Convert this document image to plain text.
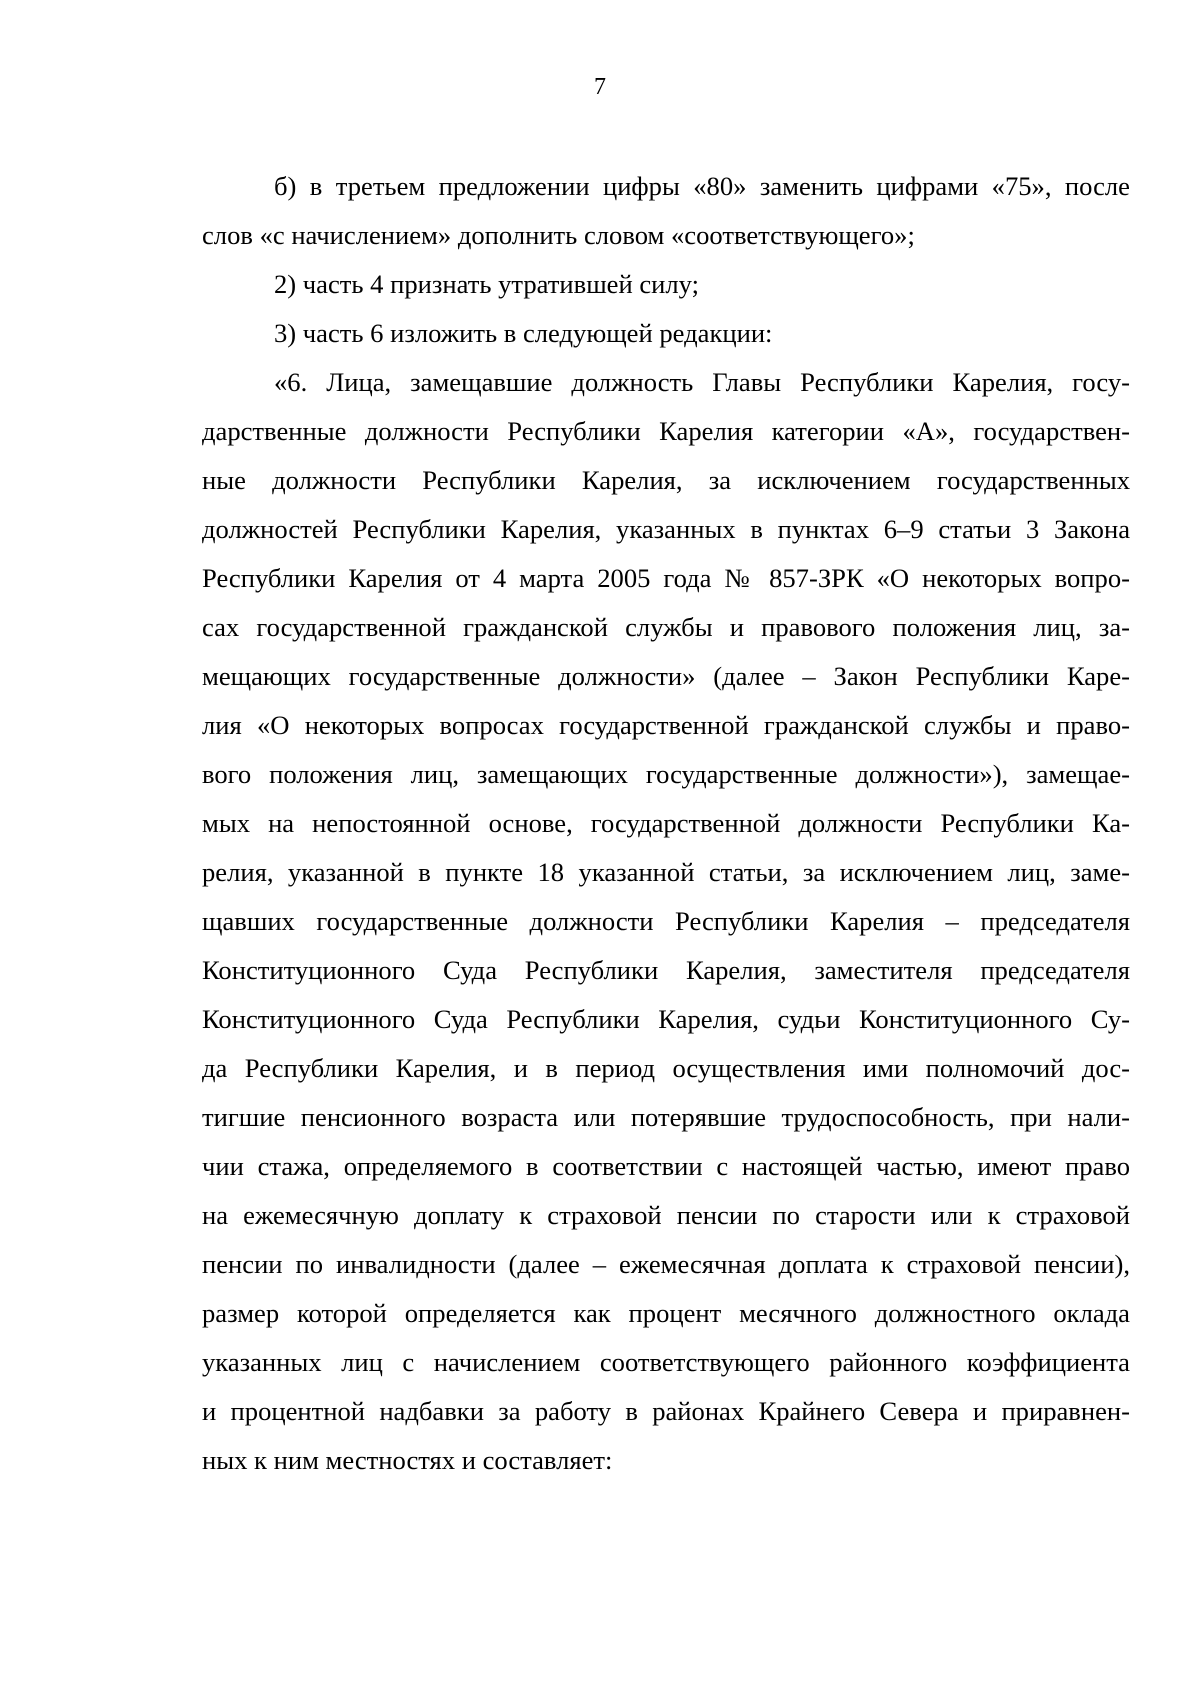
7

б) в третьем предложении цифры «80» заменить цифрами «75», после
слов «с начислением» дополнить словом «соответствующего»;

2) часть 4 признать утратившей силу;

3) часть 6 изложить в следующей редакции:

«6. Лица, замещавшие должность Главы Республики Карелия, госу-
дарственные должности Республики Карелия категории «А», государствен-
ные должности Республики Карелия, за исключением государственных
должностей Республики Карелия, указанных в пунктах 6–9 статьи 3 Закона
Республики Карелия от 4 марта 2005 года № 857-ЗРК «О некоторых вопро-
сах государственной гражданской службы и правового положения лиц, за-
мещающих государственные должности» (далее – Закон Республики Каре-
лия «О некоторых вопросах государственной гражданской службы и право-
вого положения лиц, замещающих государственные должности»), замещае-
мых на непостоянной основе, государственной должности Республики Ка-
релия, указанной в пункте 18 указанной статьи, за исключением лиц, заме-
щавших государственные должности Республики Карелия – председателя
Конституционного Суда Республики Карелия, заместителя председателя
Конституционного Суда Республики Карелия, судьи Конституционного Су-
да Республики Карелия, и в период осуществления ими полномочий дос-
тигшие пенсионного возраста или потерявшие трудоспособность, при нали-
чии стажа, определяемого в соответствии с настоящей частью, имеют право
на ежемесячную доплату к страховой пенсии по старости или к страховой
пенсии по инвалидности (далее – ежемесячная доплата к страховой пенсии),
размер которой определяется как процент месячного должностного оклада
указанных лиц с начислением соответствующего районного коэффициента
и процентной надбавки за работу в районах Крайнего Севера и приравнен-
ных к ним местностях и составляет:
